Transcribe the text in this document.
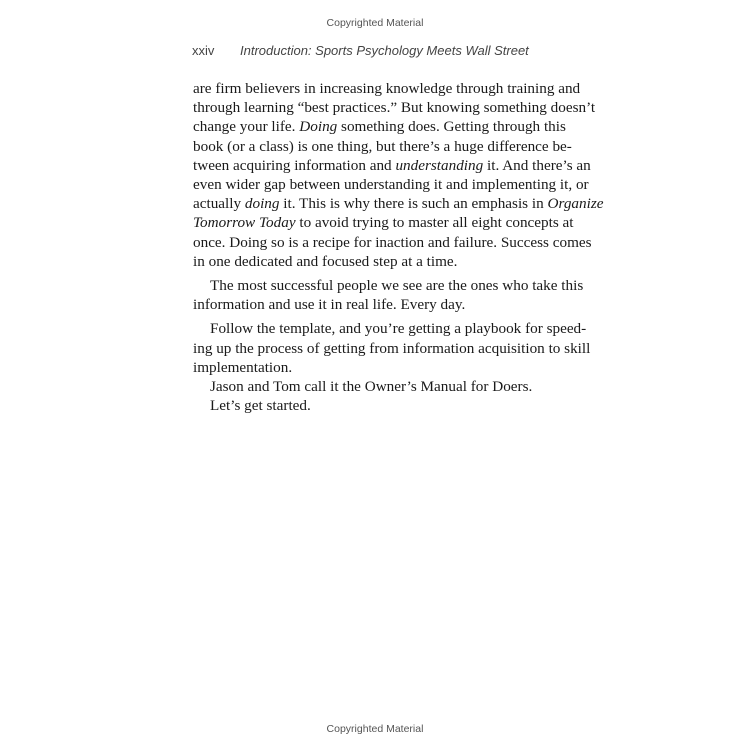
Copyrighted Material
xxiv Introduction: Sports Psychology Meets Wall Street
are firm believers in increasing knowledge through training and
through learning “best practices.” But knowing something doesn’t
change your life. Doing something does. Getting through this
book (or a class) is one thing, but there’s a huge difference be-
tween acquiring information and understanding it. And there’s an
even wider gap between understanding it and implementing it, or
actually doing it. This is why there is such an emphasis in Organize
Tomorrow Today to avoid trying to master all eight concepts at
once. Doing so is a recipe for inaction and failure. Success comes
in one dedicated and focused step at a time.
The most successful people we see are the ones who take this
information and use it in real life. Every day.
Follow the template, and you’re getting a playbook for speed-
ing up the process of getting from information acquisition to skill
implementation.
Jason and Tom call it the Owner’s Manual for Doers.
Let’s get started.
Copyrighted Material
